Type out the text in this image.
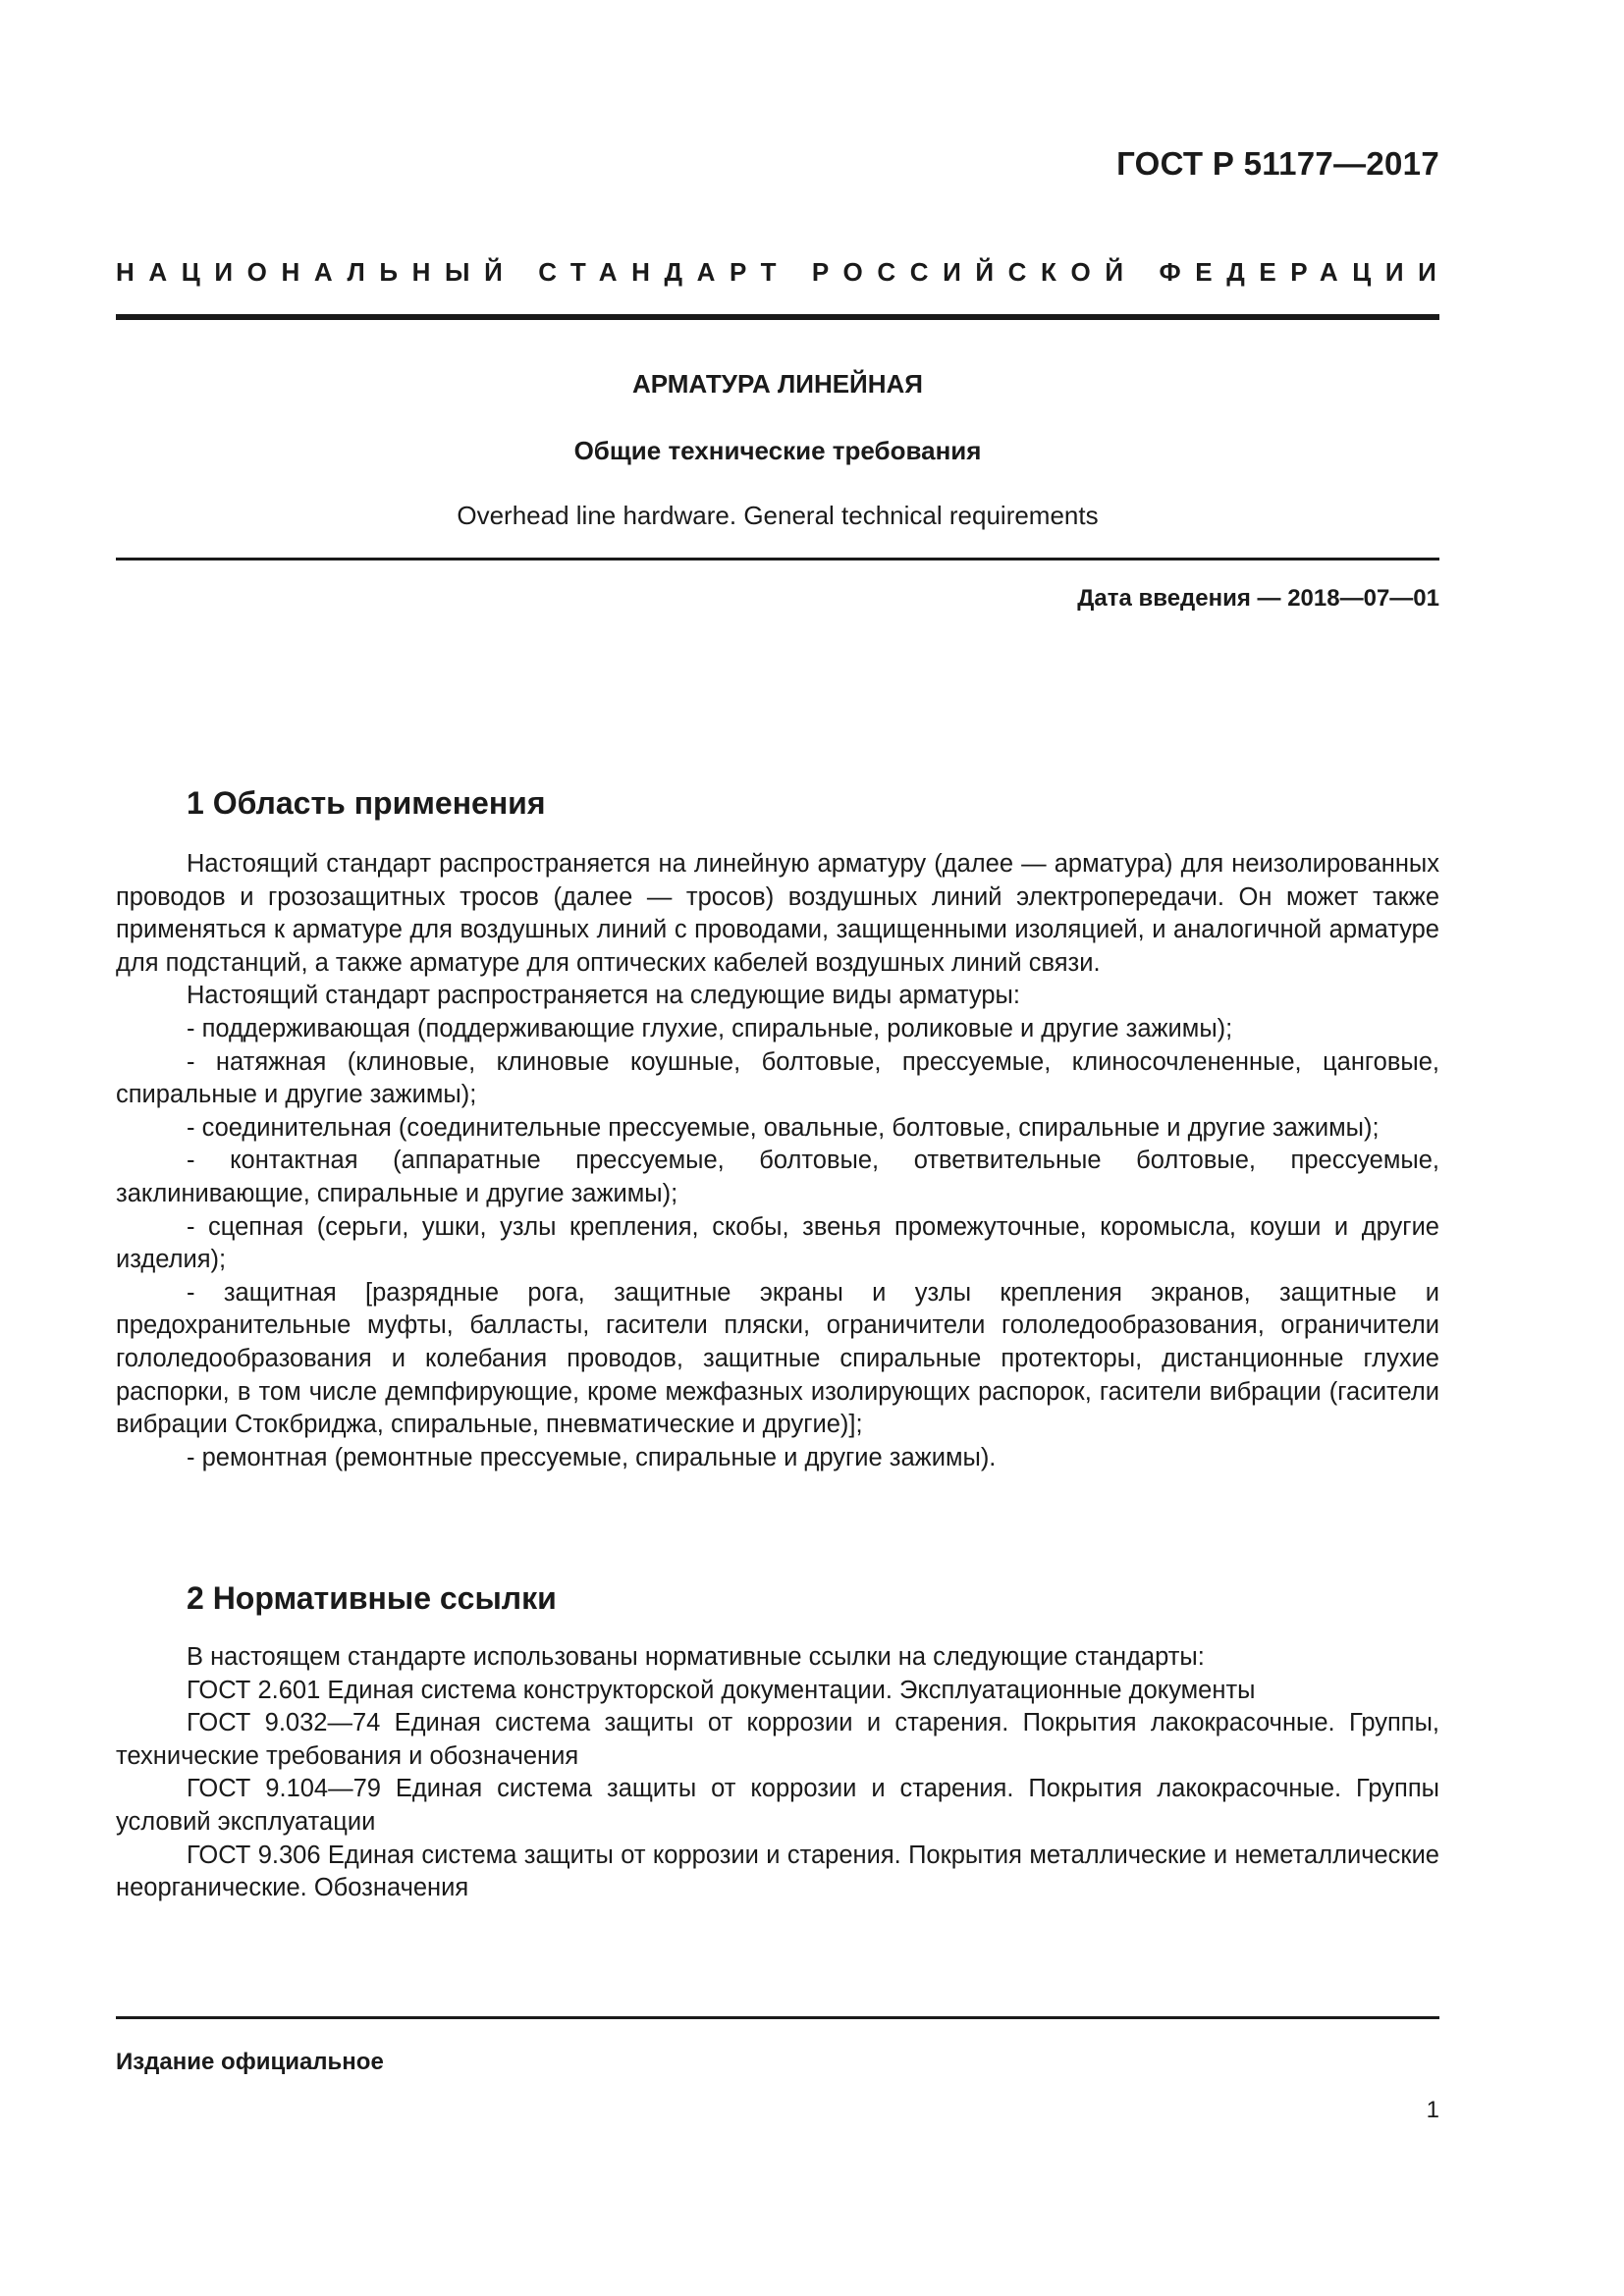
ГОСТ Р 51177—2017
НАЦИОНАЛЬНЫЙ СТАНДАРТ РОССИЙСКОЙ ФЕДЕРАЦИИ
АРМАТУРА ЛИНЕЙНАЯ
Общие технические требования
Overhead line hardware. General technical requirements
Дата введения — 2018—07—01
1 Область применения

Настоящий стандарт распространяется на линейную арматуру (далее — арматура) для неизолированных проводов и грозозащитных тросов (далее — тросов) воздушных линий электропередачи. Он может также применяться к арматуре для воздушных линий с проводами, защищенными изоляцией, и аналогичной арматуре для подстанций, а также арматуре для оптических кабелей воздушных линий связи.

Настоящий стандарт распространяется на следующие виды арматуры:

- поддерживающая (поддерживающие глухие, спиральные, роликовые и другие зажимы);

- натяжная (клиновые, клиновые коушные, болтовые, прессуемые, клиносочлененные, цанговые, спиральные и другие зажимы);

- соединительная (соединительные прессуемые, овальные, болтовые, спиральные и другие зажимы);

- контактная (аппаратные прессуемые, болтовые, ответвительные болтовые, прессуемые, заклинивающие, спиральные и другие зажимы);

- сцепная (серьги, ушки, узлы крепления, скобы, звенья промежуточные, коромысла, коуши и другие изделия);

- защитная [разрядные рога, защитные экраны и узлы крепления экранов, защитные и предохранительные муфты, балласты, гасители пляски, ограничители гололедообразования, ограничители гололедообразования и колебания проводов, защитные спиральные протекторы, дистанционные глухие распорки, в том числе демпфирующие, кроме межфазных изолирующих распорок, гасители вибрации (гасители вибрации Стокбриджа, спиральные, пневматические и другие)];

- ремонтная (ремонтные прессуемые, спиральные и другие зажимы).

2 Нормативные ссылки

В настоящем стандарте использованы нормативные ссылки на следующие стандарты:

ГОСТ 2.601 Единая система конструкторской документации. Эксплуатационные документы

ГОСТ 9.032—74 Единая система защиты от коррозии и старения. Покрытия лакокрасочные. Группы, технические требования и обозначения

ГОСТ 9.104—79 Единая система защиты от коррозии и старения. Покрытия лакокрасочные. Группы условий эксплуатации

ГОСТ 9.306 Единая система защиты от коррозии и старения. Покрытия металлические и неметаллические неорганические. Обозначения

Издание официальное
1
